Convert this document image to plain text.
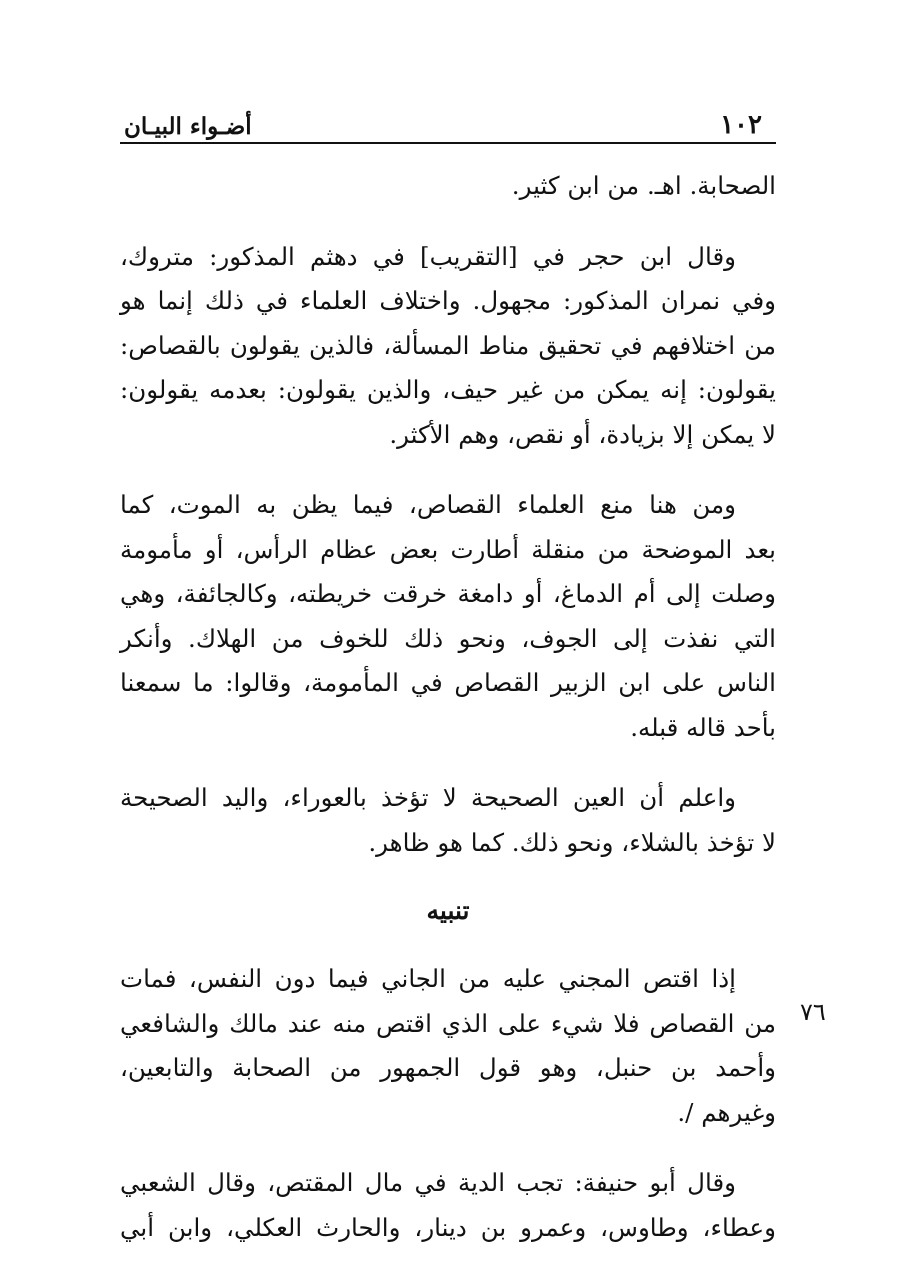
١٠٢
أضـواء البيـان

الصحابة. اهـ. من ابن كثير.

وقال ابن حجر في [التقريب] في دهثم المذكور: متروك،
وفي نمران المذكور: مجهول. واختلاف العلماء في ذلك إنما هو
من اختلافهم في تحقيق مناط المسألة، فالذين يقولون بالقصاص:
يقولون: إنه يمكن من غير حيف، والذين يقولون: بعدمه يقولون:
لا يمكن إلا بزيادة، أو نقص، وهم الأكثر.

ومن هنا منع العلماء القصاص، فيما يظن به الموت، كما
بعد الموضحة من منقلة أطارت بعض عظام الرأس، أو مأمومة
وصلت إلى أم الدماغ، أو دامغة خرقت خريطته، وكالجائفة، وهي
التي نفذت إلى الجوف، ونحو ذلك للخوف من الهلاك. وأنكر
الناس على ابن الزبير القصاص في المأمومة، وقالوا: ما سمعنا
بأحد قاله قبله.

واعلم أن العين الصحيحة لا تؤخذ بالعوراء، واليد الصحيحة
لا تؤخذ بالشلاء، ونحو ذلك. كما هو ظاهر.

تنبيه

إذا اقتص المجني عليه من الجاني فيما دون النفس، فمات
من القصاص فلا شيء على الذي اقتص منه عند مالك والشافعي
وأحمد بن حنبل، وهو قول الجمهور من الصحابة والتابعين،
وغيرهم /.

وقال أبو حنيفة: تجب الدية في مال المقتص، وقال الشعبي
وعطاء، وطاوس، وعمرو بن دينار، والحارث العكلي، وابن أبي

٧٦
